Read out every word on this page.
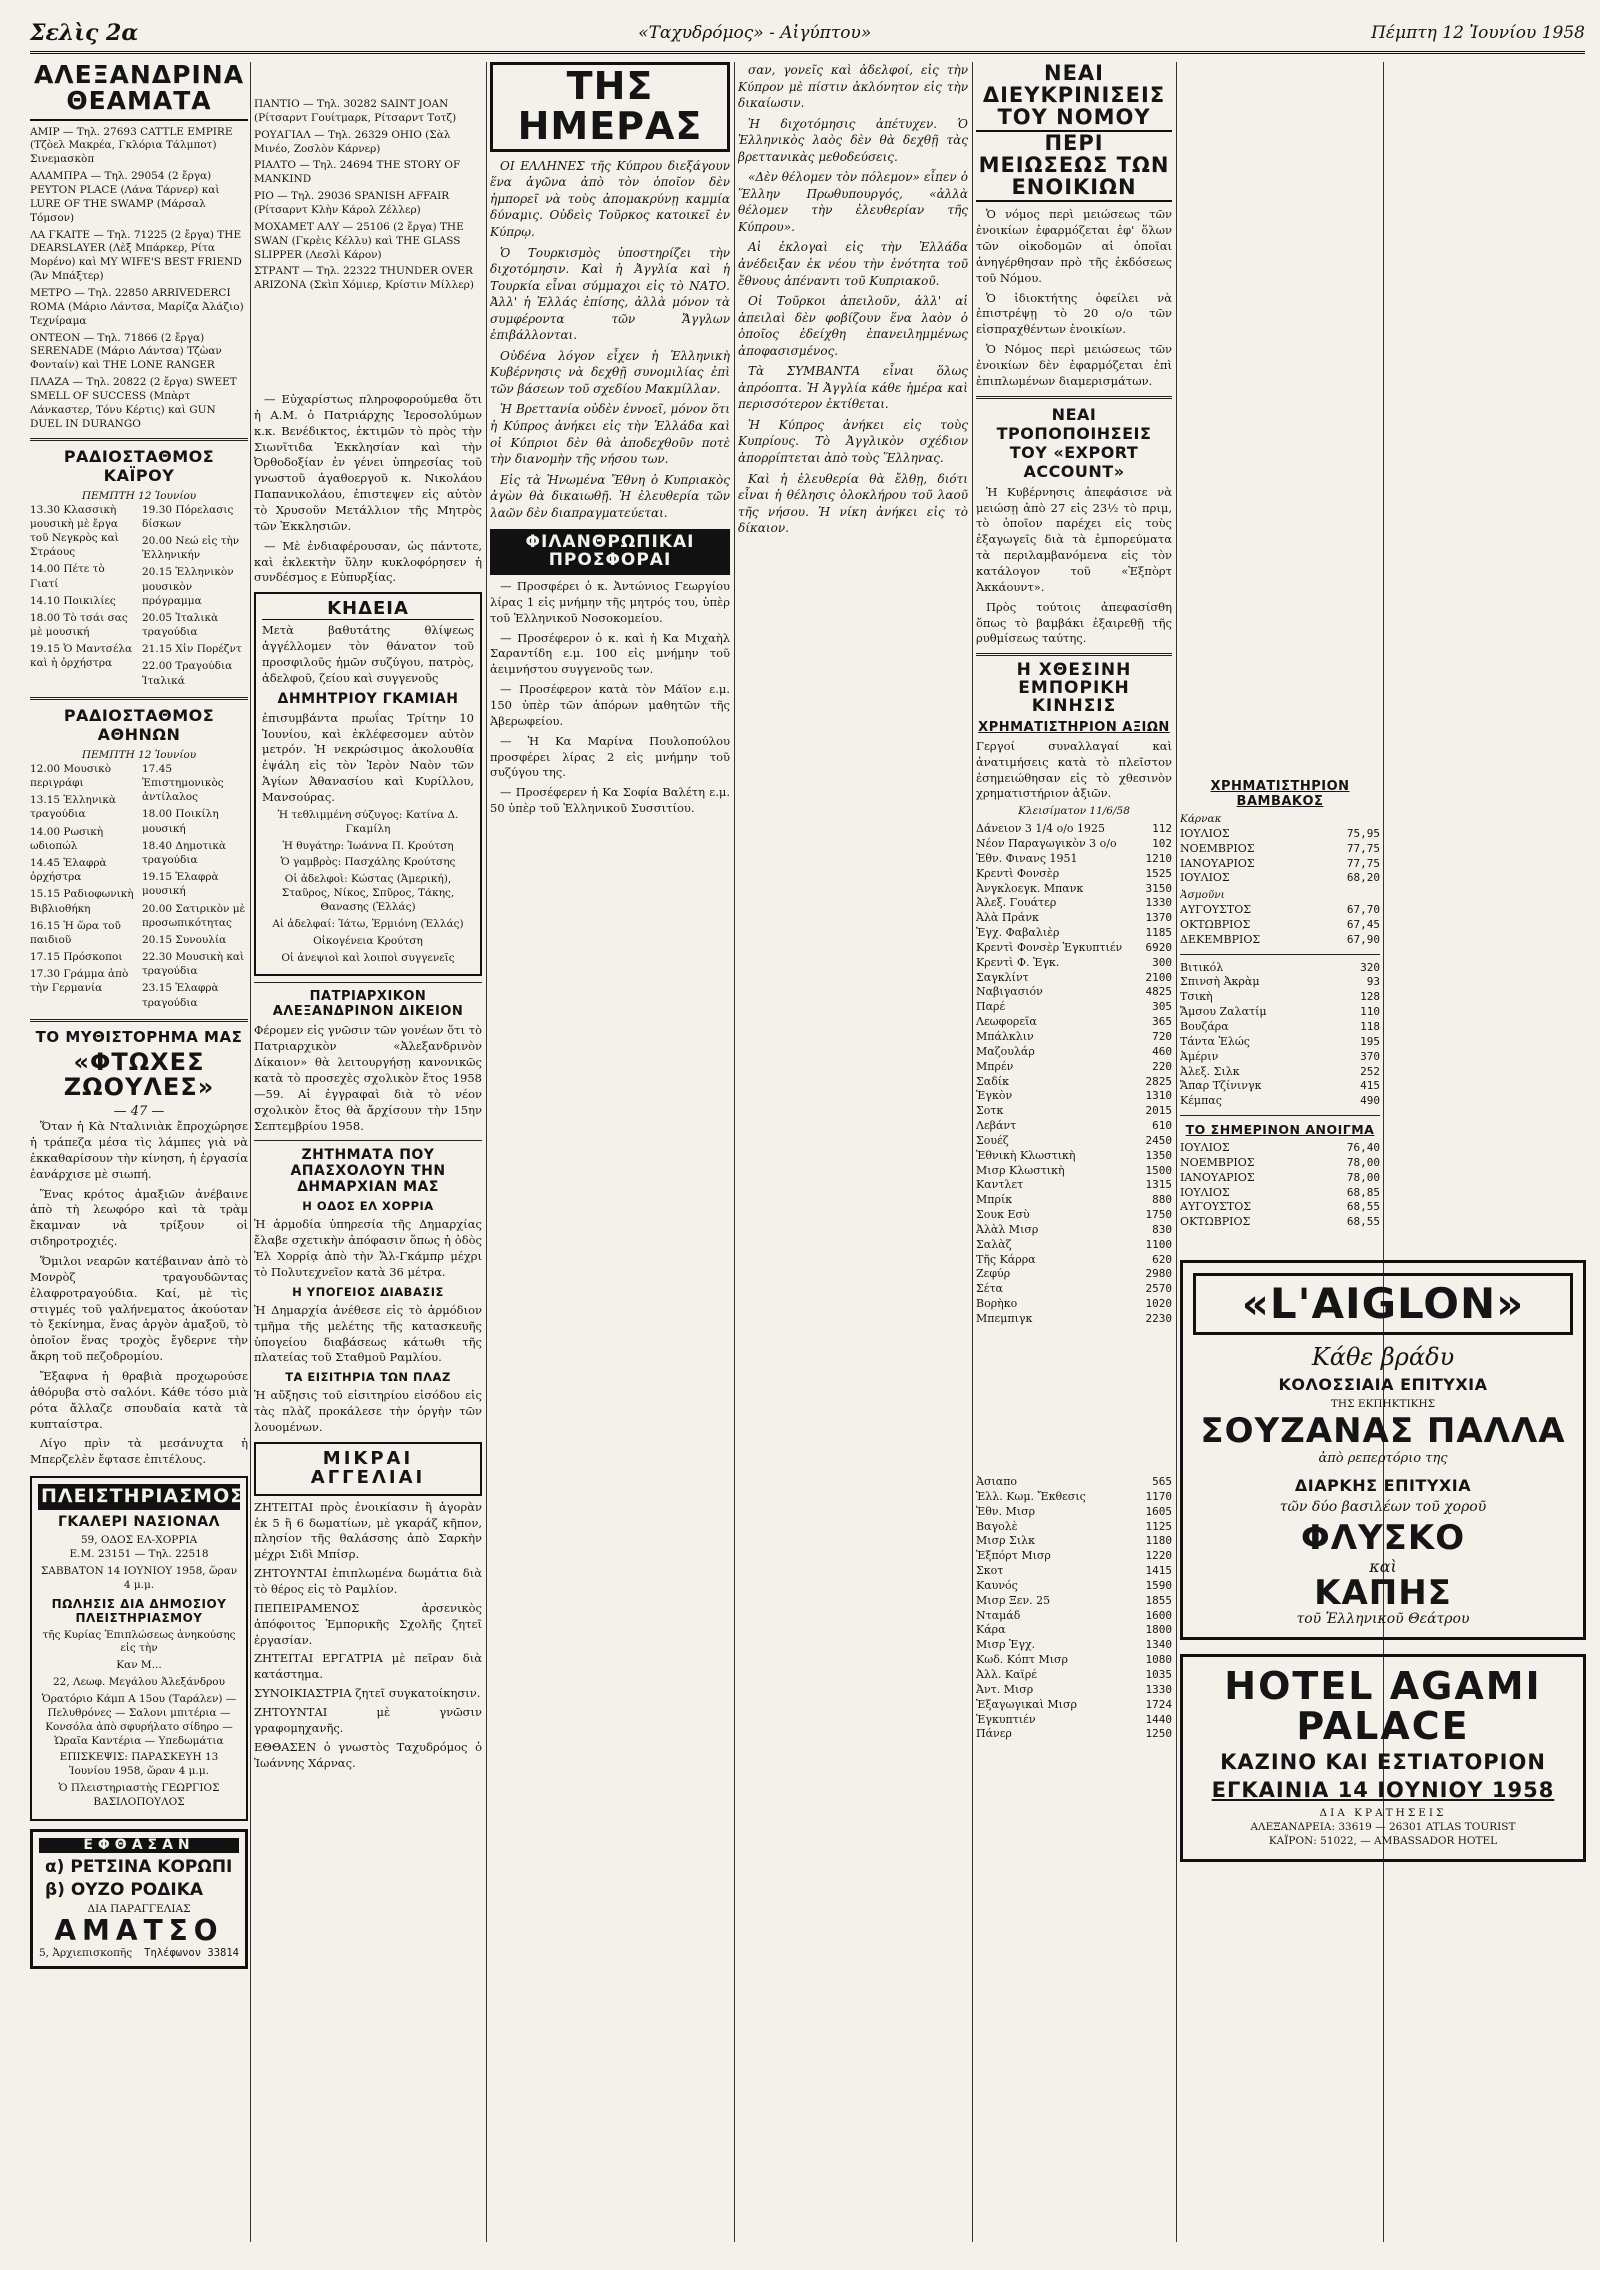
Σελὶς 2α	«Ταχυδρόμος» - Αἰγύπτου»	Πέμπτη 12 Ἰουνίου 1958
ΑΛΕΞΑΝΔΡΙΝΑ ΘΕΑΜΑΤΑ
ΑΜΙΡ — Τηλ. 27693 CATTLE EMPIRE (Τζὸελ Μακρέα, Γκλόρια Τάλμποτ) Σινεμασκὸπ
ΑΛΑΜΠΡΑ — Τηλ. 29054 (2 ἔργα) PEYTON PLACE (Λάνα Τάρνερ) καὶ LURE OF THE SWAMP (Μάρσαλ Τόμσον)
ΛΑ ΓΚΑΙΤΕ — Τηλ. 71225 (2 ἔργα) THE DEARSLAYER (Λὲξ Μπάρκερ, Ρίτα Μορένο) καὶ MY WIFE'S BEST FRIEND (Ἄν Μπάξτερ)
ΜΕΤΡΟ — Τηλ. 22850 ARRIVEDERCI ROMA (Μάριο Λάντσα, Μαρίζα Ἀλάζιο) Τεχνίραμα
ΟΝΤΕΟΝ — Τηλ. 71866 (2 ἔργα) SERENADE (Μάριο Λάντσα) Τζὼαν Φονταίν) καὶ THE LONE RANGER
ΠΛΑΖΑ — Τηλ. 20822 (2 ἔργα) SWEET SMELL OF SUCCESS (Μπὰρτ Λάνκαστερ, Τόνυ Κέρτις) καὶ GUN DUEL IN DURANGO
ΡΑΔΙΟΣΤΑΘΜΟΣ ΚΑΪΡΟΥ
ΠΕΜΠΤΗ 12 Ἰουνίου
13.30 Κλασσικὴ μουσικὴ μὲ ἔργα τοῦ Νεγκρὸς καὶ Στράους
14.00 Πέτε τὸ Γιατί
14.10 Ποικιλίες
18.00 Τὸ τσάι σας μὲ μουσική
19.15 Ὁ Μαντσέλα καὶ ἡ ὀρχήστρα
19.30 Πόρελασις δίσκων
20.00 Νεώ εἰς τὴν Ἑλληνικήν
20.15 Ἑλληνικὸν μουσικὸν πρόγραμμα
20.05 Ἰταλικὰ τραγούδια
21.15 Χἰν Πορέζντ
22.00 Τραγούδια Ἰταλικά
ΡΑΔΙΟΣΤΑΘΜΟΣ ΑΘΗΝΩΝ
ΠΕΜΠΤΗ 12 Ἰουνίου
12.00 Μουσικὸ περιγράφι
13.15 Ἑλληνικὰ τραγούδια
14.00 Ρωσικὴ ωδιοπώλ
14.45 Ἑλαφρὰ ὀρχήστρα
15.15 Ραδιοφωνικὴ Βιβλιοθήκη
16.15 Ἡ ὥρα τοῦ παιδιοῦ
17.15 Πρόσκοποι
17.30 Γράμμα ἀπὸ τὴν Γερμανία
17.45 Ἐπιστημονικὸς ἀντίλαλος
18.00 Ποικίλη μουσική
18.40 Δημοτικὰ τραγούδια
19.15 Ἑλαφρὰ μουσική
20.00 Σατιρικὸν μὲ προσωπικότητας
20.15 Συνουλία
22.30 Μουσικὴ καὶ τραγούδια
23.15 Ἑλαφρὰ τραγούδια
ΤΟ ΜΥΘΙΣΤΟΡΗΜΑ ΜΑΣ
«ΦΤΩΧΕΣ ΖΩΟΥΛΕΣ»
— 47 —

Ὅταν ἡ Κὰ Νταλινιὰκ ἔπροχώρησε ἡ τράπεζα μέσα τὶς λάμπες γιὰ νὰ ἐκκαθαρίσουν τὴν κίνηση, ἡ ἐργασία ἐανάρχισε μὲ σιωπή.

Ἕνας κρότος ἀμαξιῶν ἀνέβαινε ἀπὸ τὴ λεωφόρο καὶ τὰ τρὰμ ἔκαμναν νὰ τρίξουν οἱ σιδηροτροχιές.

Ὅμιλοι νεαρῶν κατέβαιναν ἀπὸ τὸ Μονρὸζ τραγουδῶντας ἐλαφροτραγούδια. Καί, μὲ τὶς στιγμές τοῦ γαλήνεματος ἀκούοταν τὸ ξεκίνημα, ἕνας ἀργὸν ἀμαξοῦ, τὸ ὁποῖον ἕνας τροχὸς ἔγδερνε τὴν ἄκρη τοῦ πεζοδρομίου.

Ἔξαφνα ἡ θραβιὰ προχωρούσε ἀθόρυβα στὸ σαλόνι. Κάθε τόσο μιὰ ρότα ἄλλαζε σπουδαία κατὰ τὰ κυπταίστρα.

Λίγο πρὶν τὰ μεσάνυχτα ἡ Μπερζελὲν ἔφτασε ἐπιτέλους.

ΠΛΕΙΣΤΗΡΙΑΣΜΟΣ
ΓΚΑΛΕΡΙ ΝΑΣΙΟΝΑΛ
59, ΟΔΟΣ ΕΛ-ΧΟΡΡΙΑ
Ε.Μ. 23151 — Τηλ. 22518
ΣΑΒΒΑΤΟΝ 14 ΙΟΥΝΙΟΥ 1958, ὥραν 4 μ.μ.
ΠΩΛΗΣΙΣ ΔΙΑ ΔΗΜΟΣΙΟΥ ΠΛΕΙΣΤΗΡΙΑΣΜΟΥ
τῆς Κυρίας Ἐπιπλώσεως ἀνηκούσης εἰς τὴν
Καν Μ...
22, Λεωφ. Μεγάλου Ἀλεξάνδρου
Ὁρατόριο Κάμπ Α 15ου (Ταράλεν) — Πελυθρόνες — Σαλονι μπιτέρια — Κονσόλα ἀπὸ σφυρήλατο σίδηρο — Ὡραῖα Καντέρια — Υπεδωμάτια
ΕΠΙΣΚΕΨΙΣ: ΠΑΡΑΣΚΕΥΗ 13 Ἰουνίου 1958, ὥραν 4 μ.μ.
Ὁ Πλειστηριαστὴς ΓΕΩΡΓΙΟΣ ΒΑΣΙΛΟΠΟΥΛΟΣ
ΕΦΘΑΣΑΝ
α) ΡΕΤΣΙΝΑ ΚΟΡΩΠΙ
β) ΟΥΖΟ ΡΟΔΙΚΑ
ΔΙΑ ΠΑΡΑΓΓΕΛΙΑΣ
ΑΜΑΤΣΟ
5, Ἀρχιεπισκοπῆς Τηλέφωνον 33814
ΠΑΝΤΙΟ — Τηλ. 30282 SAINT JOAN (Ρίτσαρντ Γουίτμαρκ, Ρίτσαρντ Τοτζ)
ΡΟΥΑΓΙΑΛ — Τηλ. 26329 OHIO (Σὰλ Μινέο, Ζοσλὸν Κάρνερ)
ΡΙΑΛΤΟ — Τηλ. 24694 THE STORY OF MANKIND
ΡΙΟ — Τηλ. 29036 SPANISH AFFAIR (Ρίτσαρντ Κλὴν Κάρολ Ζέλλερ)
ΜΟΧΑΜΕΤ ΑΛΥ — 25106 (2 ἔργα) THE SWAN (Γκρὲις Κέλλυ) καὶ THE GLASS SLIPPER (Λεσλὶ Κάρον)
ΣΤΡΑΝΤ — Τηλ. 22322 THUNDER OVER ARIZONA (Σκὶπ Χόμιερ, Κρίστιν Μίλλερ)

— Εὐχαρίστως πληροφορούμεθα ὅτι ἡ Α.Μ. ὁ Πατριάρχης Ἱεροσολύμων κ.κ. Βενέδικτος, ἐκτιμῶν τὸ πρὸς τὴν Σιωνῖτιδα Ἐκκλησίαν καὶ τὴν Ὀρθοδοξίαν ἐν γένει ὑπηρεσίας τοῦ γνωστοῦ ἀγαθοεργοῦ κ. Νικολάου Παπανικολάου, ἐπιστεψεν εἰς αὐτὸν τὸ Χρυσοῦν Μετάλλιον τῆς Μητρὸς τῶν Ἐκκλησιῶν.

— Μὲ ἐνδιαφέρουσαν, ὡς πάντοτε, καὶ ἐκλεκτὴν ὕλην κυκλοφόρησεν ἡ συνδέσμος ε Εὐπυρξίας.

ΚΗΔΕΙΑ
Μετὰ βαθυτάτης θλίψεως ἀγγέλλομεν τὸν θάνατον τοῦ προσφιλοῦς ἡμῶν συζύγου, πατρὸς, ἀδελφοῦ, ζείου καὶ συγγενοῦς
ΔΗΜΗΤΡΙΟΥ ΓΚΑΜΙΑΗ
ἐπισυμβάντα πρωΐας Τρίτην 10 Ἰουνίου, καὶ ἐκλέφεσομεν αὐτὸν μετρόν. Ἡ νεκρώσιμος ἀκολουθία ἐψάλη εἰς τὸν Ἱερὸν Ναὸν τῶν Ἁγίων Ἀθανασίου καὶ Κυρίλλου, Μανσούρας.
Ἡ τεθλιμμένη σύζυγος: Κατίνα Δ. Γκαμίλη
Ἡ θυγάτηρ: Ἰωάννα Π. Κρούτση
Ὁ γαμβρὸς: Πασχάλης Κρούτσης
Οἱ ἀδελφοὶ: Κώστας (Ἀμερική), Σταῦρος, Νίκος, Σπῦρος, Τάκης, Θανασης (Ἑλλάς)
Αἱ ἀδελφαί: Ἰάτω, Ἐρμιόνη (Ἑλλάς)
Οἰκογένεια Κρούτση
Οἱ ἀνεψιοὶ καὶ λοιποὶ συγγενεῖς
ΠΑΤΡΙΑΡΧΙΚΟΝ ΑΛΕΞΑΝΔΡΙΝΟΝ ΔΙΚΕΙΟΝ
Φέρομεν εἰς γνῶσιν τῶν γονέων ὅτι τὸ Πατριαρχικὸν «Ἀλεξανδρινὸν Δίκαιον» θὰ λειτουργήσῃ κανονικῶς κατὰ τὸ προσεχὲς σχολικὸν ἔτος 1958—59. Αἱ ἐγγραφαὶ διὰ τὸ νέον σχολικὸν ἔτος θὰ ἄρχίσουν τὴν 15ην Σεπτεμβρίου 1958.
ΖΗΤΗΜΑΤΑ ΠΟΥ ΑΠΑΣΧΟΛΟΥΝ ΤΗΝ ΔΗΜΑΡΧΙΑΝ ΜΑΣ
Η ΟΔΟΣ ΕΛ ΧΟΡΡΙΑ
Ἡ ἁρμοδία ὑπηρεσία τῆς Δημαρχίας ἔλαβε σχετικὴν ἀπόφασιν ὅπως ἡ ὁδὸς Ἐλ Χορρίᾳ ἀπὸ τὴν Ἄλ-Γκάμπρ μέχρι τὸ Πολυτεχνεῖον κατὰ 36 μέτρα.
Η ΥΠΟΓΕΙΟΣ ΔΙΑΒΑΣΙΣ
Ἡ Δημαρχία ἀνέθεσε εἰς τὸ ἁρμόδιον τμῆμα τῆς μελέτης τῆς κατασκευῆς ὑπογείου διαβάσεως κάτωθι τῆς πλατείας τοῦ Σταθμοῦ Ραμλίου.
ΤΑ ΕΙΣΙΤΗΡΙΑ ΤΩΝ ΠΛΑΖ
Ἡ αὔξησις τοῦ εἰσιτηρίου εἰσόδου εἰς τὰς πλὰζ προκάλεσε τὴν ὀργὴν τῶν λουομένων.
ΜΙΚΡΑΙ ΑΓΓΕΛΙΑΙ
ΖΗΤΕΙΤΑΙ πρὸς ἐνοικίασιν ἢ ἀγορὰν ἐκ 5 ἢ 6 δωματίων, μὲ γκαράζ κῆπον, πλησίον τῆς θαλάσσης ἀπὸ Σαρκὴν μέχρι Σιδὶ Μπίσρ.
ΖΗΤΟΥΝΤΑΙ ἐπιπλωμένα δωμάτια διὰ τὸ θέρος εἰς τὸ Ραμλίον.
ΠΕΠΕΙΡΑΜΕΝΟΣ ἀρσενικὸς ἀπόφοιτος Ἐμπορικῆς Σχολῆς ζητεῖ ἐργασίαν.
ΖΗΤΕΙΤΑΙ ΕΡΓΑΤΡΙΑ μὲ πεῖραν διὰ κατάστημα.
ΣΥΝΟΙΚΙΑΣΤΡΙΑ ζητεῖ συγκατοίκησιν.
ΖΗΤΟΥΝΤΑΙ μὲ γνῶσιν γραφομηχανῆς.
ΕΘΘΑΣΕΝ ὁ γνωστὸς Ταχυδρόμος ὁ Ἰωάννης Χάρνας.
ΤΗΣ ΗΜΕΡΑΣ

ΟΙ ΕΛΛΗΝΕΣ τῆς Κύπρου διεξάγουν ἕνα ἀγῶνα ἀπὸ τὸν ὁποῖον δὲν ἠμπορεῖ νὰ τοὺς ἀπομακρύνῃ καμμία δύναμις. Οὐδεὶς Τοῦρκος κατοικεῖ ἐν Κύπρῳ.

Ὁ Τουρκισμὸς ὑποστηρίζει τὴν διχοτόμησιν. Καὶ ἡ Ἀγγλία καὶ ἡ Τουρκία εἶναι σύμμαχοι εἰς τὸ ΝΑΤΟ. Ἀλλ' ἡ Ἑλλάς ἐπίσης, ἀλλὰ μόνον τὰ συμφέροντα τῶν Ἄγγλων ἐπιβάλλονται.

Οὐδένα λόγον εἶχεν ἡ Ἑλληνικὴ Κυβέρνησις νὰ δεχθῇ συνομιλίας ἐπὶ τῶν βάσεων τοῦ σχεδίου Μακμίλλαν.

Ἡ Βρεττανία οὐδὲν ἐννοεῖ, μόνον ὅτι ἡ Κύπρος ἀνήκει εἰς τὴν Ἑλλάδα καὶ οἱ Κύπριοι δὲν θὰ ἀποδεχθοῦν ποτὲ τὴν διανομὴν τῆς νήσου των.

Εἰς τὰ Ἡνωμένα Ἔθνη ὁ Κυπριακὸς ἀγὼν θὰ δικαιωθῇ. Ἡ ἐλευθερία τῶν λαῶν δὲν διαπραγματεύεται.

ΦΙΛΑΝΘΡΩΠΙΚΑΙ ΠΡΟΣΦΟΡΑΙ

— Προσφέρει ὁ κ. Ἀντώνιος Γεωργίου λίρας 1 εἰς μνήμην τῆς μητρός του, ὑπὲρ τοῦ Ἑλληνικοῦ Νοσοκομείου.

— Προσέφερον ὁ κ. καὶ ἡ Κα Μιχαὴλ Σαραντίδη ε.μ. 100 εἰς μνήμην τοῦ ἀειμνήστου συγγενοῦς των.

— Προσέφερον κατὰ τὸν Μάϊον ε.μ. 150 ὑπὲρ τῶν ἀπόρων μαθητῶν τῆς Ἀβερωφείου.

— Ἡ Κα Μαρίνα Πουλοπούλου προσφέρει λίρας 2 εἰς μνήμην τοῦ συζύγου της.

— Προσέφερεν ἡ Κα Σοφία Βαλέτη ε.μ. 50 ὑπὲρ τοῦ Ἑλληνικοῦ Συσσιτίου.

σαν, γονεῖς καὶ ἀδελφοί, εἰς τὴν Κύπρον μὲ πίστιν ἀκλόνητον εἰς τὴν δικαίωσιν.

Ἡ διχοτόμησις ἀπέτυχεν. Ὁ Ἑλληνικὸς λαὸς δὲν θὰ δεχθῇ τὰς βρεττανικὰς μεθοδεύσεις.

«Δὲν θέλομεν τὸν πόλεμον» εἶπεν ὁ Ἕλλην Πρωθυπουργός, «ἀλλὰ θέλομεν τὴν ἐλευθερίαν τῆς Κύπρου».

Αἱ ἐκλογαὶ εἰς τὴν Ἑλλάδα ἀνέδειξαν ἐκ νέου τὴν ἑνότητα τοῦ ἔθνους ἀπέναντι τοῦ Κυπριακοῦ.

Οἱ Τοῦρκοι ἀπειλοῦν, ἀλλ' αἱ ἀπειλαὶ δὲν φοβίζουν ἕνα λαὸν ὁ ὁποῖος ἐδείχθη ἐπανειλημμένως ἀποφασισμένος.

Τὰ ΣΥΜΒΑΝΤΑ εἶναι ὅλως ἀπρόοπτα. Ἡ Ἀγγλία κάθε ἡμέρα καὶ περισσότερον ἐκτίθεται.

Ἡ Κύπρος ἀνήκει εἰς τοὺς Κυπρίους. Τὸ Ἀγγλικὸν σχέδιον ἀπορρίπτεται ἀπὸ τοὺς Ἕλληνας.

Καὶ ἡ ἐλευθερία θὰ ἔλθῃ, διότι εἶναι ἡ θέλησις ὁλοκλήρου τοῦ λαοῦ τῆς νήσου. Ἡ νίκη ἀνήκει εἰς τὸ δίκαιον.

ΝΕΑΙ ΔΙΕΥΚΡΙΝΙΣΕΙΣ ΤΟΥ ΝΟΜΟΥ
ΠΕΡΙ ΜΕΙΩΣΕΩΣ ΤΩΝ ΕΝΟΙΚΙΩΝ

Ὁ νόμος περὶ μειώσεως τῶν ἐνοικίων ἐφαρμόζεται ἐφ' ὅλων τῶν οἰκοδομῶν αἱ ὁποῖαι ἀνηγέρθησαν πρὸ τῆς ἐκδόσεως τοῦ Νόμου.

Ὁ ἰδιοκτήτης ὀφείλει νὰ ἐπιστρέψῃ τὸ 20 ο/ο τῶν εἰσπραχθέντων ἐνοικίων.

Ὁ Νόμος περὶ μειώσεως τῶν ἐνοικίων δὲν ἐφαρμόζεται ἐπὶ ἐπιπλωμένων διαμερισμάτων.

ΝΕΑΙ ΤΡΟΠΟΠΟΙΗΣΕΙΣ ΤΟΥ «EXPORT ACCOUNT»

Ἡ Κυβέρνησις ἀπεφάσισε νὰ μειώσῃ ἀπὸ 27 εἰς 23½ τὸ πριμ, τὸ ὁποῖον παρέχει εἰς τοὺς ἐξαγωγεῖς διὰ τὰ ἐμπορεύματα τὰ περιλαμβανόμενα εἰς τὸν κατάλογον τοῦ «Ἐξπὸρτ Ἀκκάουντ».

Πρὸς τούτοις ἀπεφασίσθη ὅπως τὸ βαμβάκι ἐξαιρεθῇ τῆς ρυθμίσεως ταύτης.

Η ΧΘΕΣΙΝΗ ΕΜΠΟΡΙΚΗ ΚΙΝΗΣΙΣ
ΧΡΗΜΑΤΙΣΤΗΡΙΟΝ ΑΞΙΩΝ
Γεργοί συναλλαγαί καὶ ἀνατιμήσεις κατὰ τὸ πλεῖστον ἐσημειώθησαν εἰς τὸ χθεσινὸν χρηματιστήριον ἀξιῶν.
Κλεισίματον 11/6/58
Δάνειον 3 1/4 ο/ο 1925	112
Νέον Παραγωγικὸν 3 ο/ο	102
Ἐθν. Φινανς 1951	1210
Κρεντὶ Φονσὲρ	1525
Ἀνγκλοεγκ. Μπανκ	3150
Ἀλεξ. Γουάτερ	1330
Ἀλὰ Πράνκ	1370
Ἐγχ. Φαβαλιὲρ	1185
Κρεντὶ Φονσὲρ Ἐγκυπτιέν 6920
Κρεντὶ Φ. Ἐγκ.	300
Σαγκλίντ	2100
Ναβιγασιόν	4825
Παρέ	305
Λεωφορεῖα	365
Μπάλκλιν	720
Μαζουλάρ	460
Μπρέν	220
Σαδίκ	2825
Ἐγκὸν	1310
Σοτκ	2015
Λεβάντ	610
Σουέζ	2450
Ἐθνικὴ Κλωστικὴ	1350
Μισρ Κλωστικὴ	1500
Καντλετ	1315
Μπρίκ	880
Σουκ Εσὺ	1750
Ἀλὰλ Μισρ	830
Σαλὰζ	1100
Τῆς Κάρρα	620
Ζεφύρ	2980
Σέτα	2570
Βορὴκο	1020
Μπεμπιγκ	2230
ΧΡΗΜΑΤΙΣΤΗΡΙΟΝ ΒΑΜΒΑΚΟΣ
Κάρνακ
ΙΟΥΛΙΟΣ	75,95
ΝΟΕΜΒΡΙΟΣ	77,75
ΙΑΝΟΥΑΡΙΟΣ	77,75
ΙΟΥΛΙΟΣ	68,20
Ἀσμοῦνι
ΑΥΓΟΥΣΤΟΣ	67,70
ΟΚΤΩΒΡΙΟΣ	67,45
ΔΕΚΕΜΒΡΙΟΣ	67,90
Βιτικόλ	320
Σπινσὴ Ἀκρὰμ	93
Τσικὴ	128
Ἄμσου Ζαλατίμ	110
Βουζάρα	118
Τάντα Ἐλώς	195
Ἀμέριν	370
Ἀλεξ. Σιλκ	252
Ἄπαρ Τζίνινγκ	415
Κέμπας	490
ΤΟ ΣΗΜΕΡΙΝΟΝ ΑΝΟΙΓΜΑ
ΙΟΥΛΙΟΣ	76,40
ΝΟΕΜΒΡΙΟΣ	78,00
ΙΑΝΟΥΑΡΙΟΣ	78,00
ΙΟΥΛΙΟΣ	68,85
ΑΥΓΟΥΣΤΟΣ	68,55
ΟΚΤΩΒΡΙΟΣ	68,55
Ἀσιαπο	565
Ἑλλ. Κωμ. Ἔκθεσις	1170
Ἑθν. Μισρ	1605
Βαγολὲ	1125
Μισρ Σιλκ	1180
Ἐξπόρτ Μισρ	1220
Σκοτ	1415
Καυνός	1590
Μισρ Ξεν. 25	1855
Νταμάδ	1600
Κάρα	1800
Μισρ Ἐγχ.	1340
Κωδ. Κόπτ Μισρ	1080
Ἀλλ. Καϊρέ	1035
Ἀντ. Μισρ	1330
Ἐξαγωγικαὶ Μισρ	1724
Ἐγκυπτιέν	1440
Πάνερ	1250
«L'AIGLON»
Κάθε βράδυ
ΚΟΛΟΣΣΙΑΙΑ ΕΠΙΤΥΧΙΑ
ΤΗΣ ΕΚΠΗΚΤΙΚΗΣ
ΣΟΥΖΑΝΑΣ ΠΑΛΛΑ
ἀπὸ ρεπερτόριο της
ΔΙΑΡΚΗΣ ΕΠΙΤΥΧΙΑ
τῶν δύο βασιλέων τοῦ χοροῦ
ΦΛΥΣΚΟ
καὶ
ΚΑΠΗΣ
τοῦ Ἑλληνικοῦ Θεάτρου
HOTEL AGAMI PALACE
ΚΑΖΙΝΟ ΚΑΙ ΕΣΤΙΑΤΟΡΙΟΝ
ΕΓΚΑΙΝΙΑ 14 ΙΟΥΝΙΟΥ 1958
ΔΙΑ ΚΡΑΤΗΣΕΙΣ
ΑΛΕΞΑΝΔΡΕΙΑ: 33619 — 26301 ATLAS TOURIST
ΚΑΪΡΟΝ: 51022, — AMBASSADOR HOTEL
